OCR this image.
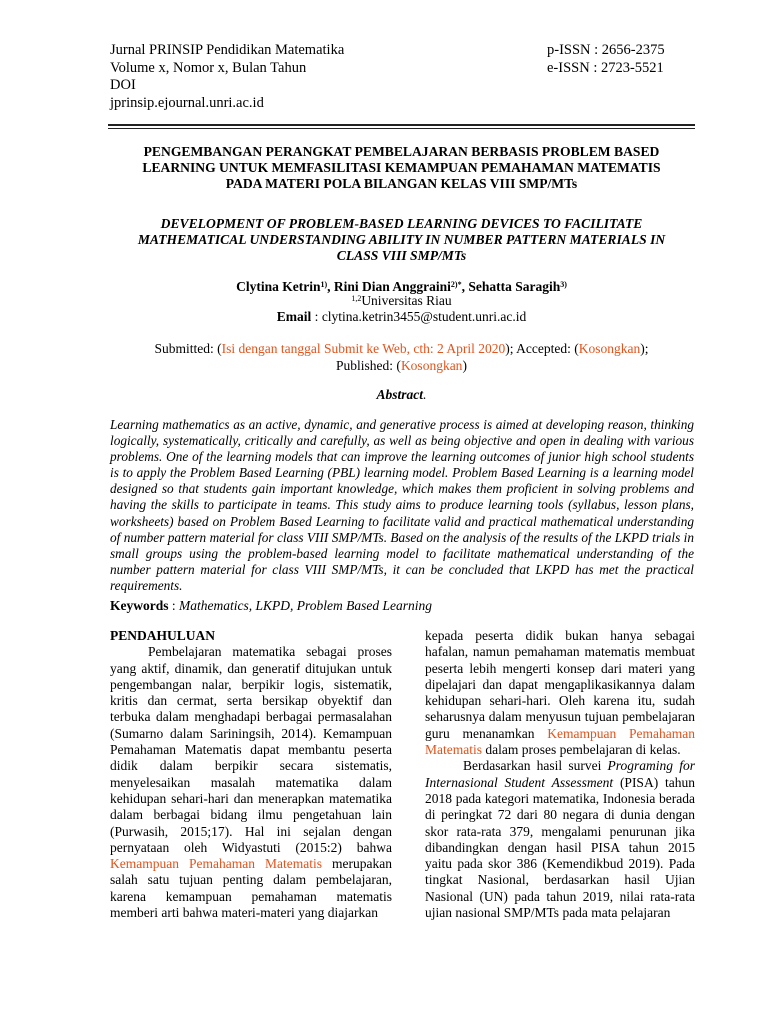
Jurnal PRINSIP Pendidikan Matematika
Volume x, Nomor x, Bulan Tahun
DOI
jprinsip.ejournal.unri.ac.id
p-ISSN : 2656-2375
e-ISSN : 2723-5521
PENGEMBANGAN PERANGKAT PEMBELAJARAN BERBASIS PROBLEM BASED
LEARNING UNTUK MEMFASILITASI KEMAMPUAN PEMAHAMAN MATEMATIS
PADA MATERI POLA BILANGAN KELAS VIII SMP/MTs
DEVELOPMENT OF PROBLEM-BASED LEARNING DEVICES TO FACILITATE
MATHEMATICAL UNDERSTANDING ABILITY IN NUMBER PATTERN MATERIALS IN
CLASS VIII SMP/MTs
Clytina Ketrin$^{1)}$, Rini Dian Anggraini$^{2)*}$, Sehatta Saragih$^{3)}$
$^{1,2}$Universitas Riau
Email : clytina.ketrin3455@student.unri.ac.id
Submitted: (Isi dengan tanggal Submit ke Web, cth: 2 April 2020); Accepted: (Kosongkan);
Published: (Kosongkan)
Abstract.
Learning mathematics as an active, dynamic, and generative process is aimed at developing reason, thinking logically, systematically, critically and carefully, as well as being objective and open in dealing with various problems. One of the learning models that can improve the learning outcomes of junior high school students is to apply the Problem Based Learning (PBL) learning model. Problem Based Learning is a learning model designed so that students gain important knowledge, which makes them proficient in solving problems and having the skills to participate in teams. This study aims to produce learning tools (syllabus, lesson plans, worksheets) based on Problem Based Learning to facilitate valid and practical mathematical understanding of number pattern material for class VIII SMP/MTs. Based on the analysis of the results of the LKPD trials in small groups using the problem-based learning model to facilitate mathematical understanding of the number pattern material for class VIII SMP/MTs, it can be concluded that LKPD has met the practical requirements.
Keywords : Mathematics, LKPD, Problem Based Learning
PENDAHULUAN

Pembelajaran matematika sebagai proses yang aktif, dinamik, dan generatif ditujukan untuk pengembangan nalar, berpikir logis, sistematik, kritis dan cermat, serta bersikap obyektif dan terbuka dalam menghadapi berbagai permasalahan (Sumarno dalam Sariningsih, 2014). Kemampuan Pemahaman Matematis dapat membantu peserta didik dalam berpikir secara sistematis, menyelesaikan masalah matematika dalam kehidupan sehari-hari dan menerapkan matematika dalam berbagai bidang ilmu pengetahuan lain (Purwasih, 2015;17). Hal ini sejalan dengan pernyataan oleh Widyastuti (2015:2) bahwa Kemampuan Pemahaman Matematis merupakan salah satu tujuan penting dalam pembelajaran, karena kemampuan pemahaman matematis memberi arti bahwa materi-materi yang diajarkan

kepada peserta didik bukan hanya sebagai hafalan, namun pemahaman matematis membuat peserta lebih mengerti konsep dari materi yang dipelajari dan dapat mengaplikasikannya dalam kehidupan sehari-hari. Oleh karena itu, sudah seharusnya dalam menyusun tujuan pembelajaran guru menanamkan Kemampuan Pemahaman Matematis dalam proses pembelajaran di kelas.

Berdasarkan hasil survei Programing for Internasional Student Assessment (PISA) tahun 2018 pada kategori matematika, Indonesia berada di peringkat 72 dari 80 negara di dunia dengan skor rata-rata 379, mengalami penurunan jika dibandingkan dengan hasil PISA tahun 2015 yaitu pada skor 386 (Kemendikbud 2019). Pada tingkat Nasional, berdasarkan hasil Ujian Nasional (UN) pada tahun 2019, nilai rata-rata ujian nasional SMP/MTs pada mata pelajaran
